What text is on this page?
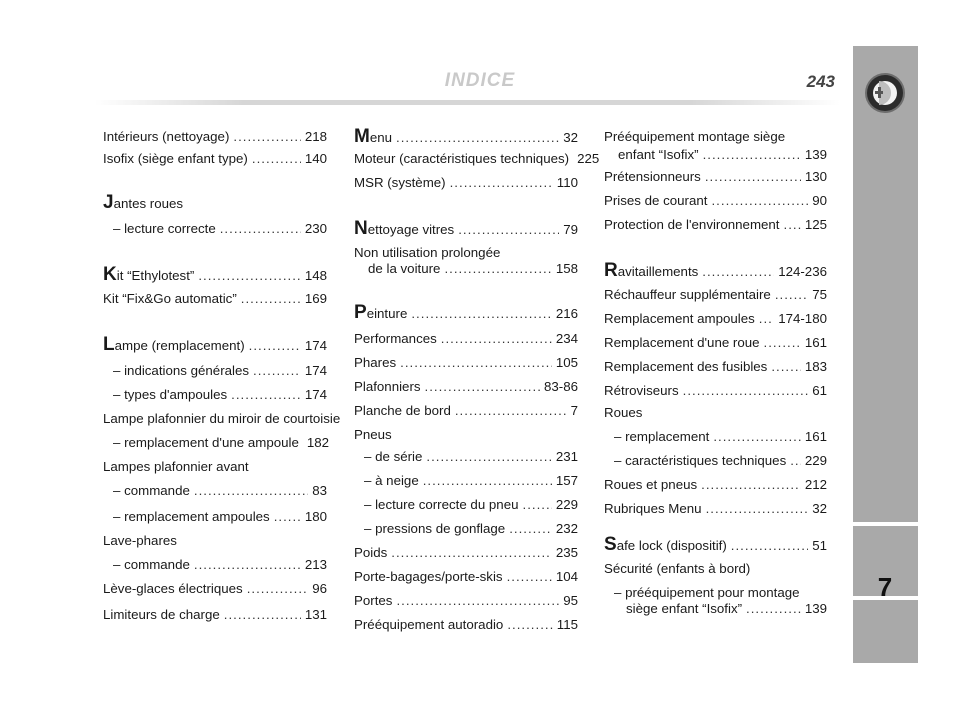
INDICE	243
7
Intérieurs (nettoyage) .....	218
Isofix (siège enfant type) .....	140
Jantes roues
– lecture correcte .....	230
Kit “Ethylotest” .....	148
Kit “Fix&Go automatic” .....	169
Lampe (remplacement) .....	174
– indications générales .....	174
– types d'ampoules .....	174
Lampe plafonnier du miroir de courtoisie
– remplacement d'une ampoule 182
Lampes plafonnier avant
– commande .....	83
– remplacement ampoules .....	180
Lave-phares
– commande .....	213
Lève-glaces électriques .....	96
Limiteurs de charge .....	131
Menu .....	32
Moteur (caractéristiques techniques) 225
MSR (système) .....	110
Nettoyage vitres .....	79
Non utilisation prolongée
de la voiture .....	158
Peinture .....	216
Performances .....	234
Phares .....	105
Plafonniers .....	83-86
Planche de bord .....	7
Pneus
– de série .....	231
– à neige .....	157
– lecture correcte du pneu .....	229
– pressions de gonflage .....	232
Poids .....	235
Porte-bagages/porte-skis .....	104
Portes .....	95
Prééquipement autoradio .....	115
Prééquipement montage siège
enfant “Isofix” .....	139
Prétensionneurs .....	130
Prises de courant .....	90
Protection de l'environnement ..... 125
Ravitaillements .....	124-236
Réchauffeur supplémentaire .....	75
Remplacement ampoules ..... 174-180
Remplacement d'une roue .....	161
Remplacement des fusibles .....	183
Rétroviseurs .....	61
Roues
– remplacement .....	161
– caractéristiques techniques ..... 229
Roues et pneus .....	212
Rubriques Menu .....	32
Safe lock (dispositif) .....	51
Sécurité (enfants à bord)
– prééquipement pour montage
siège enfant “Isofix” .....	139
